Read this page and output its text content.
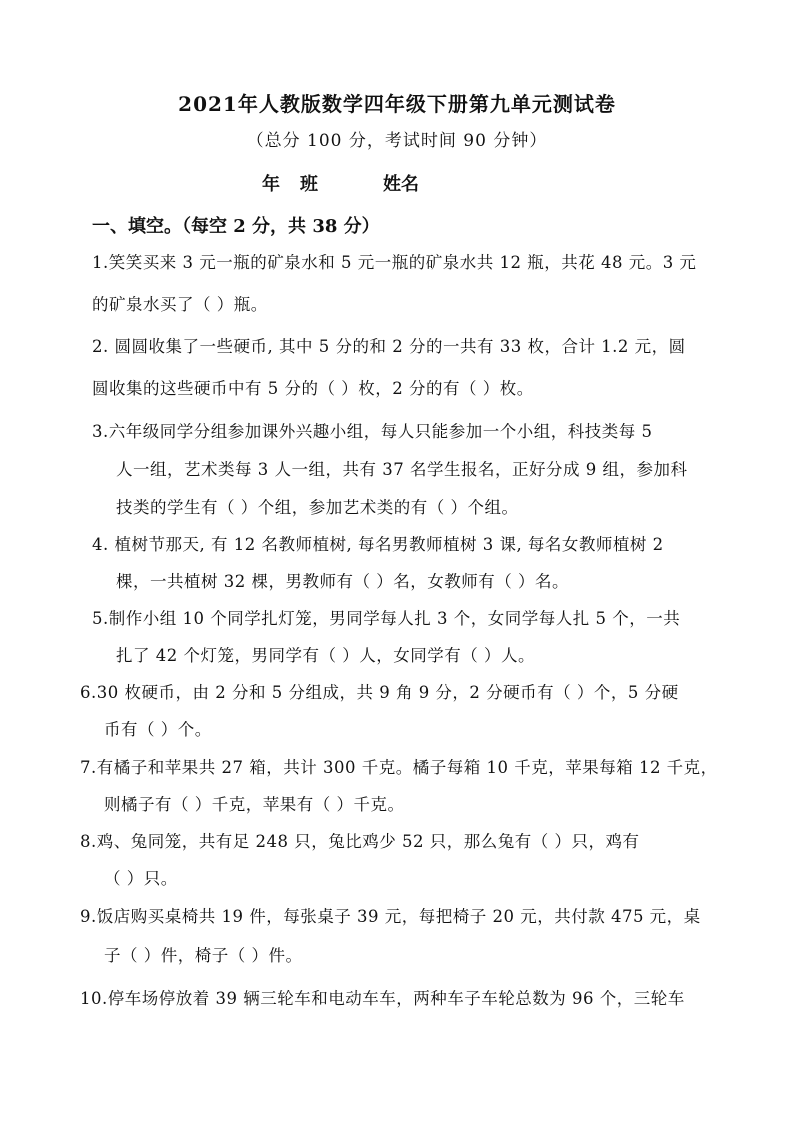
2021年人教版数学四年级下册第九单元测试卷
（总分 100 分，考试时间 90 分钟）
年 班	姓名
一、填空。（每空 2 分，共 38 分）
1.笑笑买来 3 元一瓶的矿泉水和 5 元一瓶的矿泉水共 12 瓶，共花 48 元。3 元
的矿泉水买了（ ）瓶。
2. 圆圆收集了一些硬币, 其中 5 分的和 2 分的一共有 33 枚，合计 1.2 元，圆
圆收集的这些硬币中有 5 分的（ ）枚，2 分的有（ ）枚。
3.六年级同学分组参加课外兴趣小组，每人只能参加一个小组，科技类每 5
人一组，艺术类每 3 人一组，共有 37 名学生报名，正好分成 9 组，参加科
技类的学生有（ ）个组，参加艺术类的有（ ）个组。
4. 植树节那天, 有 12 名教师植树, 每名男教师植树 3 课, 每名女教师植树 2
棵，一共植树 32 棵，男教师有（ ）名，女教师有（ ）名。
5.制作小组 10 个同学扎灯笼，男同学每人扎 3 个，女同学每人扎 5 个，一共
扎了 42 个灯笼，男同学有（ ）人，女同学有（ ）人。
6.30 枚硬币，由 2 分和 5 分组成，共 9 角 9 分，2 分硬币有（ ）个，5 分硬
币有（ ）个。
7.有橘子和苹果共 27 箱，共计 300 千克。橘子每箱 10 千克，苹果每箱 12 千克，
则橘子有（ ）千克，苹果有（ ）千克。
8.鸡、兔同笼，共有足 248 只，兔比鸡少 52 只，那么兔有（ ）只，鸡有
（ ）只。
9.饭店购买桌椅共 19 件，每张桌子 39 元，每把椅子 20 元，共付款 475 元，桌
子（ ）件，椅子（ ）件。
10.停车场停放着 39 辆三轮车和电动车车，两种车子车轮总数为 96 个，三轮车
